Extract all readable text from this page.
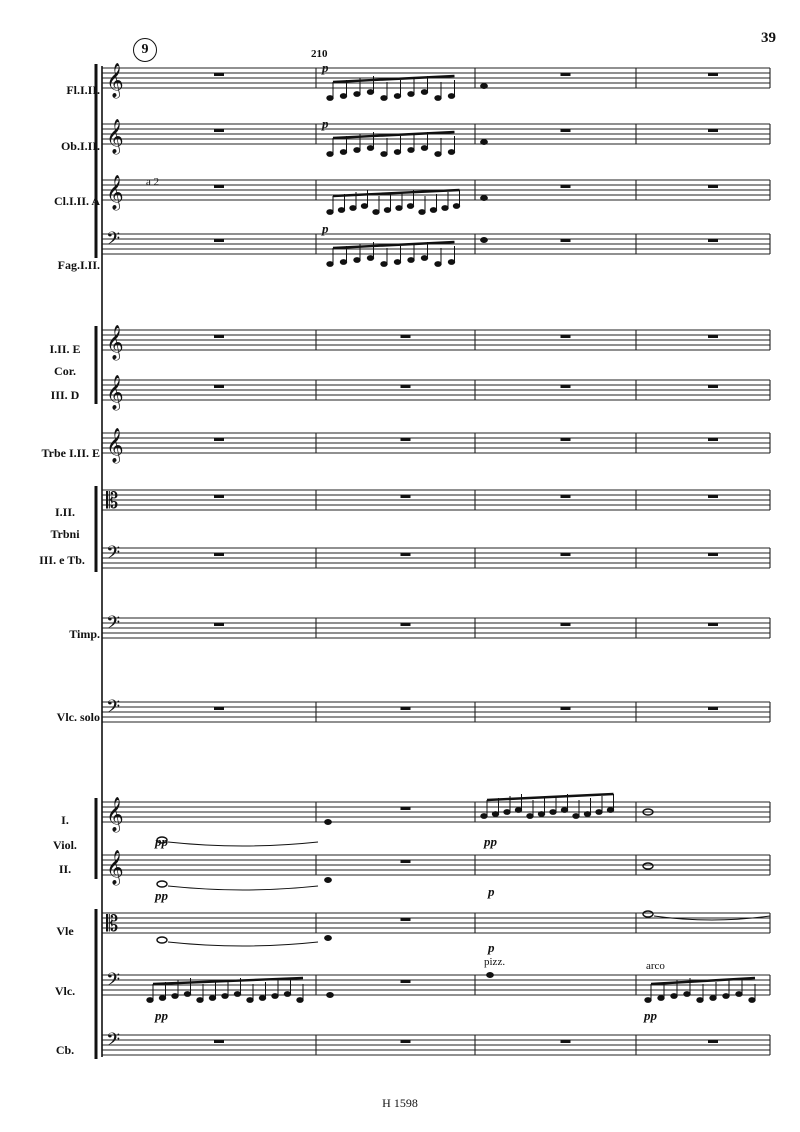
39
9	210
H 1598
Fl.I.II.
Ob.I.II.
Cl.I.II. A
Fag.I.II.
I.II. E
Cor.
III. D
Trbe I.II. E
I.II.
Trbni
III. e Tb.
Timp.
Vlc. solo
I.
Viol.
II.
Vle
Vlc.
Cb.
a 2
p
p
p
pp
pp
pp
pp
p
p
pizz.	arco
pp
𝄞
𝄞
𝄞
𝄢
𝄞
𝄞
𝄞
𝄡
𝄢
𝄢
𝄢
𝄞
𝄞
𝄡
𝄢
𝄢
